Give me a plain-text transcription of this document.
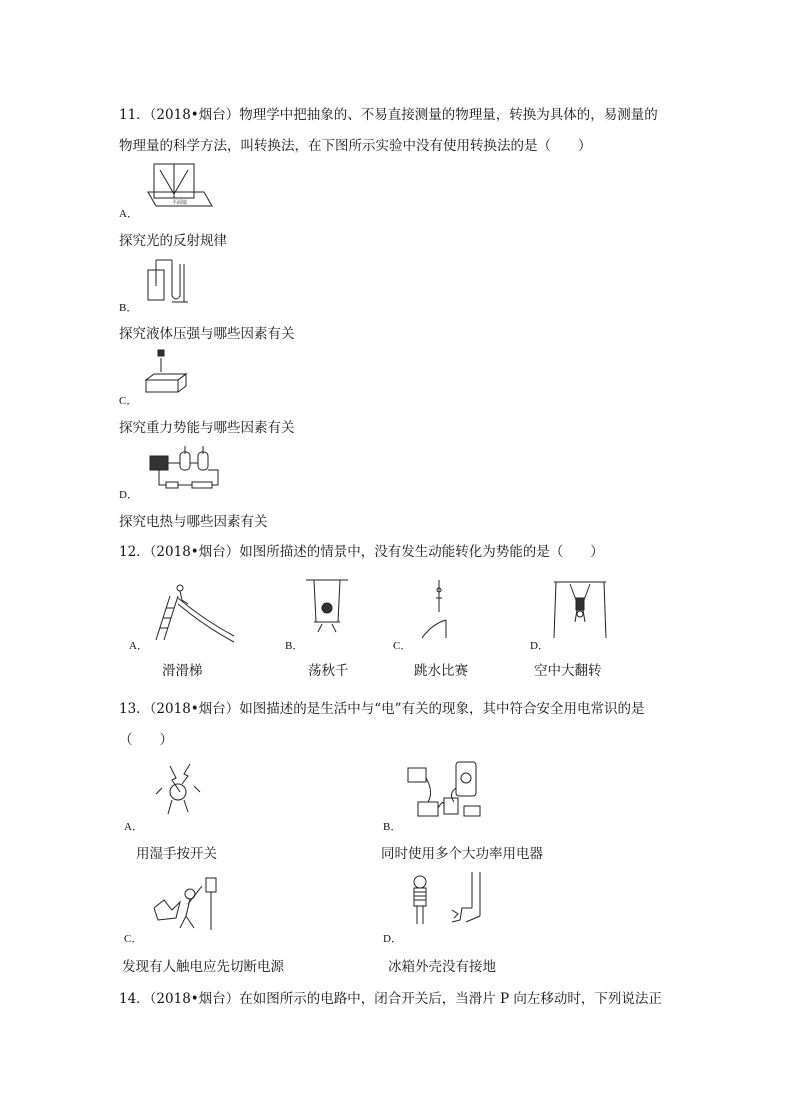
11．（2018•烟台）物理学中把抽象的、不易直接测量的物理量，转换为具体的，易测量的
物理量的科学方法，叫转换法，在下图所示实验中没有使用转换法的是（　　）
平面镜
A．
探究光的反射规律
B．
探究液体压强与哪些因素有关
C．
探究重力势能与哪些因素有关
D．
探究电热与哪些因素有关
12．（2018•烟台）如图所描述的情景中，没有发生动能转化为势能的是（　　）
A．
滑滑梯
B．
荡秋千
C．
跳水比赛
D．
空中大翻转
13．（2018•烟台）如图描述的是生活中与“电”有关的现象，其中符合安全用电常识的是
（　　）
A．
用湿手按开关
B．
同时使用多个大功率用电器
C．
发现有人触电应先切断电源
D．
冰箱外壳没有接地
14．（2018•烟台）在如图所示的电路中，闭合开关后，当滑片 P 向左移动时，下列说法正
